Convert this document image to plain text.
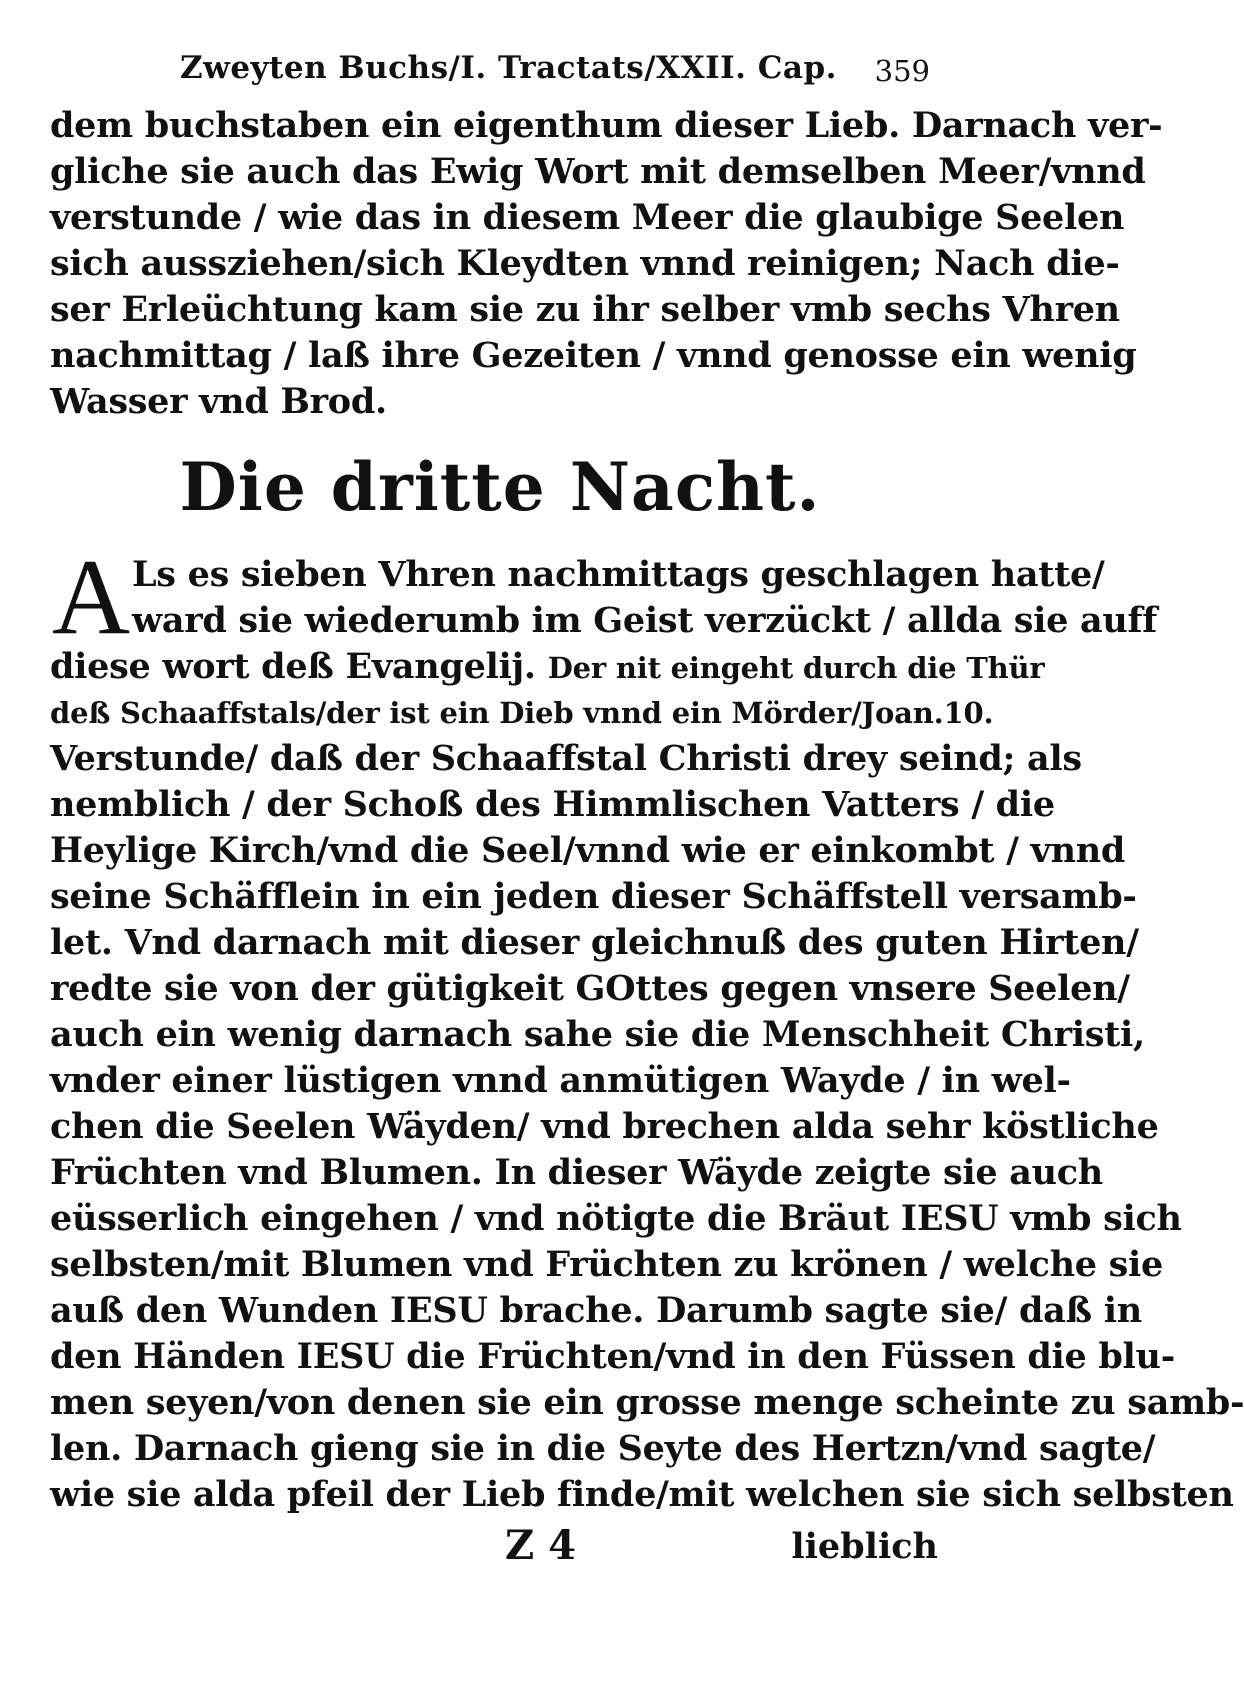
Zweyten Buchs/I. Tractats/XXII. Cap. 359
dem buchstaben ein eigenthum dieser Lieb. Darnach ver-
gliche sie auch das Ewig Wort mit demselben Meer/vnnd
verstunde / wie das in diesem Meer die glaubige Seelen
sich aussziehen/sich Kleydten vnnd reinigen; Nach die-
ser Erleüchtung kam sie zu ihr selber vmb sechs Vhren
nachmittag / laß ihre Gezeiten / vnnd genosse ein wenig
Wasser vnd Brod.
Die dritte Nacht.
A Ls es sieben Vhren nachmittags geschlagen hatte/
ward sie wiederumb im Geist verzückt / allda sie auff
diese wort deß Evangelij. Der nit eingeht durch die Thür
deß Schaaffstals/der ist ein Dieb vnnd ein Mörder/Joan.10.
Verstunde/ daß der Schaaffstal Christi drey seind; als
nemblich / der Schoß des Himmlischen Vatters / die
Heylige Kirch/vnd die Seel/vnnd wie er einkombt / vnnd
seine Schäfflein in ein jeden dieser Schäffstell versamb-
let. Vnd darnach mit dieser gleichnuß des guten Hirten/
redte sie von der gütigkeit GOttes gegen vnsere Seelen/
auch ein wenig darnach sahe sie die Menschheit Christi,
vnder einer lüstigen vnnd anmütigen Wayde / in wel-
chen die Seelen Wäyden/ vnd brechen alda sehr köstliche
Früchten vnd Blumen. In dieser Wäyde zeigte sie auch
eüsserlich eingehen / vnd nötigte die Bräut IESU vmb sich
selbsten/mit Blumen vnd Früchten zu krönen / welche sie
auß den Wunden IESU brache. Darumb sagte sie/ daß in
den Händen IESU die Früchten/vnd in den Füssen die blu-
men seyen/von denen sie ein grosse menge scheinte zu samb-
len. Darnach gieng sie in die Seyte des Hertzn/vnd sagte/
wie sie alda pfeil der Lieb finde/mit welchen sie sich selbsten
Z 4	lieblich
